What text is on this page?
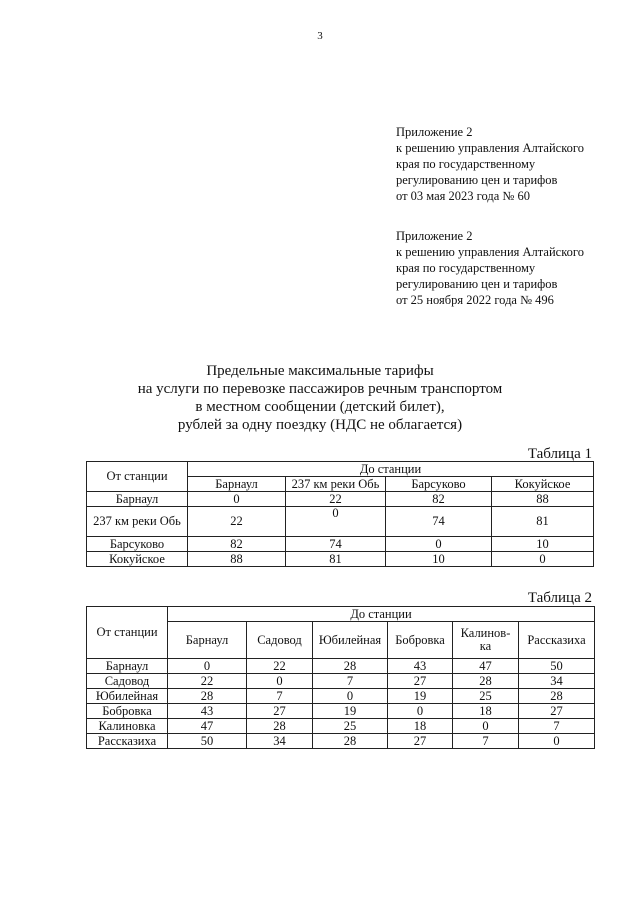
3
Приложение 2
к решению управления Алтайского
края по государственному
регулированию цен и тарифов
от 03 мая 2023 года № 60
Приложение 2
к решению управления Алтайского
края по государственному
регулированию цен и тарифов
от 25 ноября 2022 года № 496
Предельные максимальные тарифы
на услуги по перевозке пассажиров речным транспортом
в местном сообщении (детский билет),
рублей за одну поездку (НДС не облагается)
Таблица 1
От станции	До станции			
	Барнаул	237 км реки Обь	Барсуково	Кокуйское
Барнаул	0	22	82	88
237 км реки Обь	22	0	74	81
Барсуково	82	74	0	10
Кокуйское	88	81	10	0
Таблица 2
От станции	До станции					
	Барнаул	Садовод	Юбилейная	Бобровка	Калинов-ка	Рассказиха
Барнаул	0	22	28	43	47	50
Садовод	22	0	7	27	28	34
Юбилейная	28	7	0	19	25	28
Бобровка	43	27	19	0	18	27
Калиновка	47	28	25	18	0	7
Рассказиха	50	34	28	27	7	0
